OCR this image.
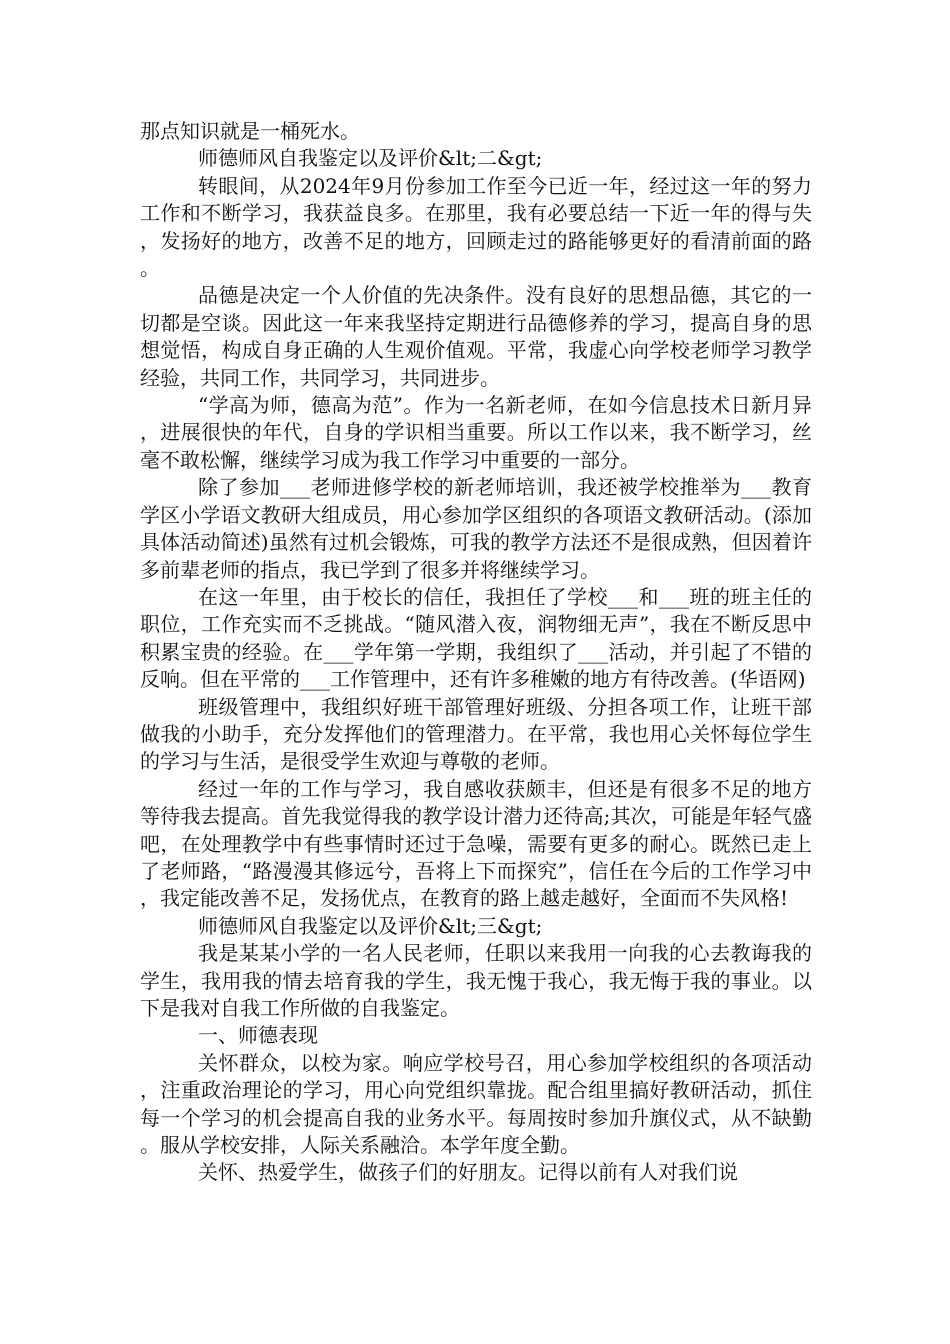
那点知识就是一桶死水。

师德师风自我鉴定以及评价&lt;二&gt;

转眼间，从2024年9月份参加工作至今已近一年，经过这一年的努力工作和不断学习，我获益良多。在那里，我有必要总结一下近一年的得与失，发扬好的地方，改善不足的地方，回顾走过的路能够更好的看清前面的路。

品德是决定一个人价值的先决条件。没有良好的思想品德，其它的一切都是空谈。因此这一年来我坚持定期进行品德修养的学习，提高自身的思想觉悟，构成自身正确的人生观价值观。平常，我虚心向学校老师学习教学经验，共同工作，共同学习，共同进步。

“学高为师，德高为范”。作为一名新老师，在如今信息技术日新月异，进展很快的年代，自身的学识相当重要。所以工作以来，我不断学习，丝毫不敢松懈，继续学习成为我工作学习中重要的一部分。

除了参加___老师进修学校的新老师培训，我还被学校推举为___教育学区小学语文教研大组成员，用心参加学区组织的各项语文教研活动。(添加具体活动简述)虽然有过机会锻炼，可我的教学方法还不是很成熟，但因着许多前辈老师的指点，我已学到了很多并将继续学习。

在这一年里，由于校长的信任，我担任了学校___和___班的班主任的职位，工作充实而不乏挑战。“随风潜入夜，润物细无声”，我在不断反思中积累宝贵的经验。在___学年第一学期，我组织了___活动，并引起了不错的反响。但在平常的___工作管理中，还有许多稚嫩的地方有待改善。(华语网)

班级管理中，我组织好班干部管理好班级、分担各项工作，让班干部做我的小助手，充分发挥他们的管理潜力。在平常，我也用心关怀每位学生的学习与生活，是很受学生欢迎与尊敬的老师。

经过一年的工作与学习，我自感收获颇丰，但还是有很多不足的地方等待我去提高。首先我觉得我的教学设计潜力还待高;其次，可能是年轻气盛吧，在处理教学中有些事情时还过于急噪，需要有更多的耐心。既然已走上了老师路，“路漫漫其修远兮，吾将上下而探究”，信任在今后的工作学习中，我定能改善不足，发扬优点，在教育的路上越走越好，全面而不失风格!

师德师风自我鉴定以及评价&lt;三&gt;

我是某某小学的一名人民老师，任职以来我用一向我的心去教诲我的学生，我用我的情去培育我的学生，我无愧于我心，我无悔于我的事业。以下是我对自我工作所做的自我鉴定。

一、师德表现

关怀群众，以校为家。响应学校号召，用心参加学校组织的各项活动，注重政治理论的学习，用心向党组织靠拢。配合组里搞好教研活动，抓住每一个学习的机会提高自我的业务水平。每周按时参加升旗仪式，从不缺勤。服从学校安排，人际关系融洽。本学年度全勤。

关怀、热爱学生，做孩子们的好朋友。记得以前有人对我们说
